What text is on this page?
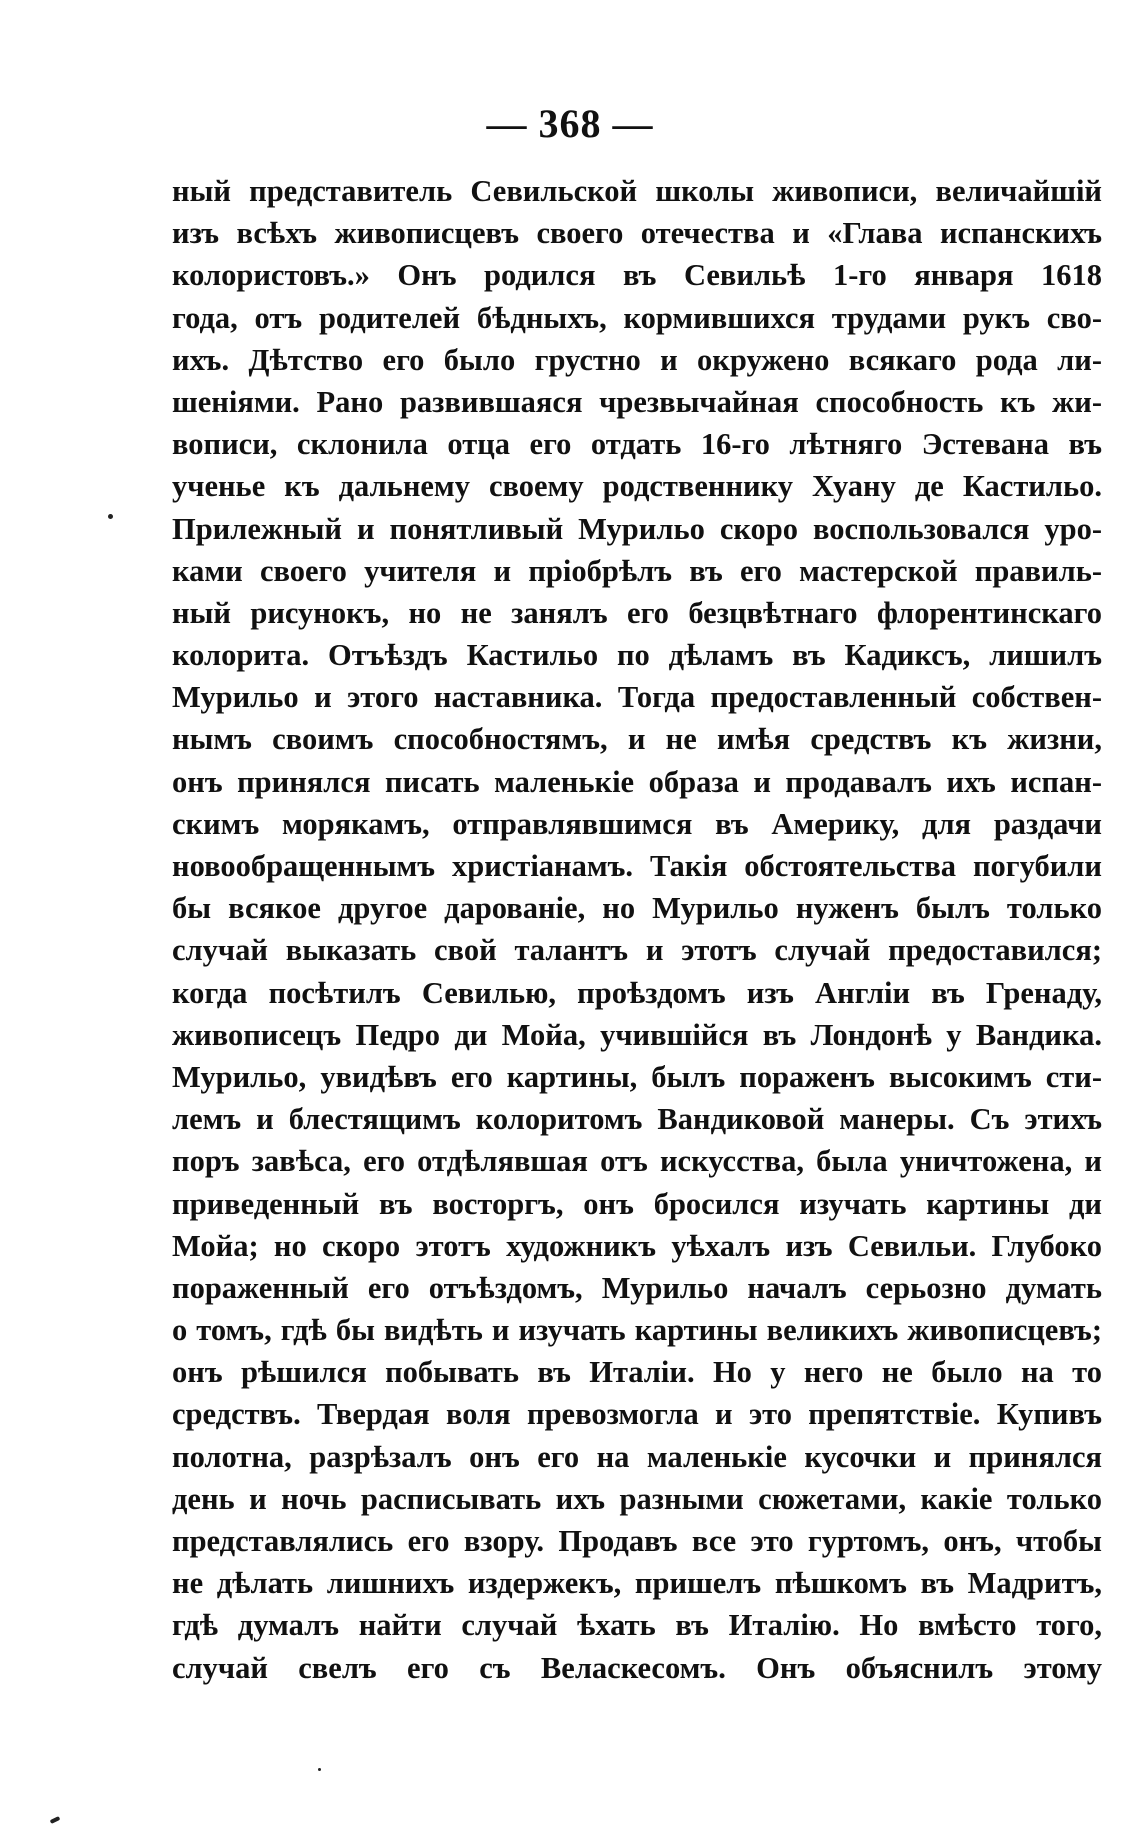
— 368 —
ный представитель Севильской школы живописи, величайшій
изъ всѣхъ живописцевъ своего отечества и «Глава испанскихъ
колористовъ.» Онъ родился въ Севильѣ 1-го января 1618
года, отъ родителей бѣдныхъ, кормившихся трудами рукъ сво-
ихъ. Дѣтство его было грустно и окружено всякаго рода ли-
шеніями. Рано развившаяся чрезвычайная способность къ жи-
вописи, склонила отца его отдать 16-го лѣтняго Эстевана въ
ученье къ дальнему своему родственнику Хуану де Кастильо.
Прилежный и понятливый Мурильо скоро воспользовался уро-
ками своего учителя и пріобрѣлъ въ его мастерской правиль-
ный рисунокъ, но не занялъ его безцвѣтнаго флорентинскаго
колорита. Отъѣздъ Кастильо по дѣламъ въ Кадиксъ, лишилъ
Мурильо и этого наставника. Тогда предоставленный собствен-
нымъ своимъ способностямъ, и не имѣя средствъ къ жизни,
онъ принялся писать маленькіе образа и продавалъ ихъ испан-
скимъ морякамъ, отправлявшимся въ Америку, для раздачи
новообращеннымъ христіанамъ. Такія обстоятельства погубили
бы всякое другое дарованіе, но Мурильо нуженъ былъ только
случай выказать свой талантъ и этотъ случай предоставился;
когда посѣтилъ Севилью, проѣздомъ изъ Англіи въ Гренаду,
живописецъ Педро ди Мойа, учившійся въ Лондонѣ у Вандика.
Мурильо, увидѣвъ его картины, былъ пораженъ высокимъ сти-
лемъ и блестящимъ колоритомъ Вандиковой манеры. Съ этихъ
поръ завѣса, его отдѣлявшая отъ искусства, была уничтожена, и
приведенный въ восторгъ, онъ бросился изучать картины ди
Мойа; но скоро этотъ художникъ уѣхалъ изъ Севильи. Глубоко
пораженный его отъѣздомъ, Мурильо началъ серьозно думать
о томъ, гдѣ бы видѣть и изучать картины великихъ живописцевъ;
онъ рѣшился побывать въ Италіи. Но у него не было на то
средствъ. Твердая воля превозмогла и это препятствіе. Купивъ
полотна, разрѣзалъ онъ его на маленькіе кусочки и принялся
день и ночь расписывать ихъ разными сюжетами, какіе только
представлялись его взору. Продавъ все это гуртомъ, онъ, чтобы
не дѣлать лишнихъ издержекъ, пришелъ пѣшкомъ въ Мадритъ,
гдѣ думалъ найти случай ѣхать въ Италію. Но вмѣсто того,
случай свелъ его съ Веласкесомъ. Онъ объяснилъ этому
